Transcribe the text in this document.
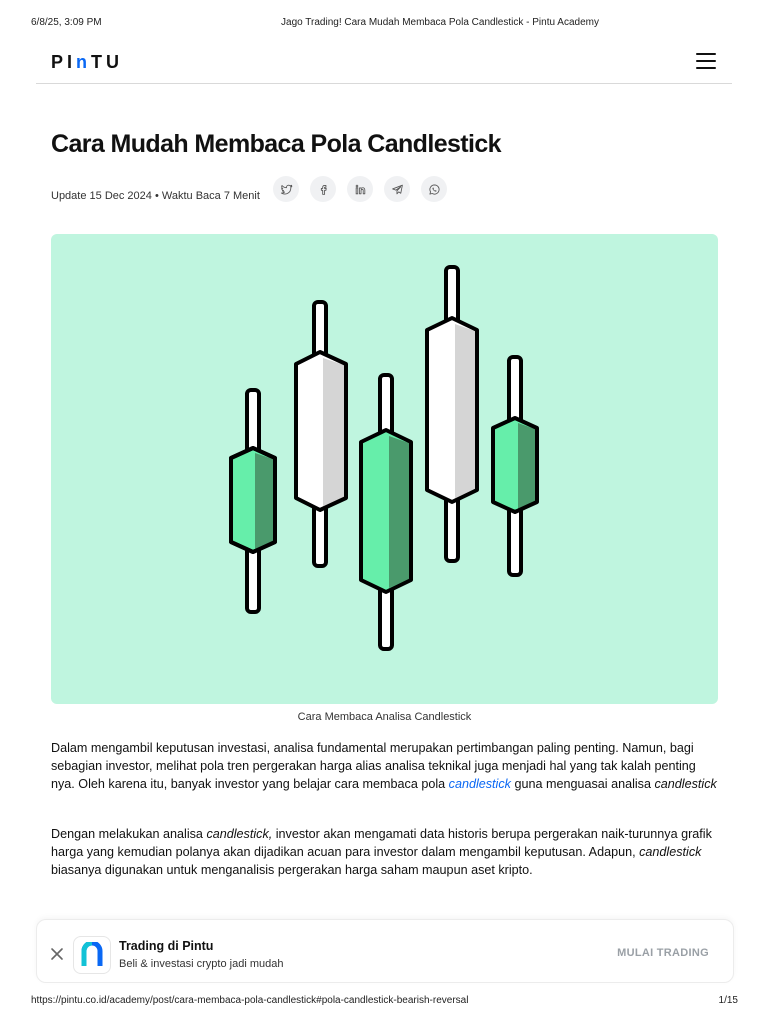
6/8/25, 3:09 PM	Jago Trading! Cara Mudah Membaca Pola Candlestick - Pintu Academy
PInTU
Cara Mudah Membaca Pola Candlestick
Update 15 Dec 2024 • Waktu Baca 7 Menit
Cara Membaca Analisa Candlestick

Dalam mengambil keputusan investasi, analisa fundamental merupakan pertimbangan paling penting. Namun, bagi sebagian investor, melihat pola tren pergerakan harga alias analisa teknikal juga menjadi hal yang tak kalah penting nya. Oleh karena itu, banyak investor yang belajar cara membaca pola candlestick guna menguasai analisa candlestick

Dengan melakukan analisa candlestick, investor akan mengamati data historis berupa pergerakan naik-turunnya grafik harga yang kemudian polanya akan dijadikan acuan para investor dalam mengambil keputusan. Adapun, candlestick biasanya digunakan untuk menganalisis pergerakan harga saham maupun aset kripto.

Trading di Pintu
Beli & investasi crypto jadi mudah
MULAI TRADING
https://pintu.co.id/academy/post/cara-membaca-pola-candlestick#pola-candlestick-bearish-reversal	1/15
